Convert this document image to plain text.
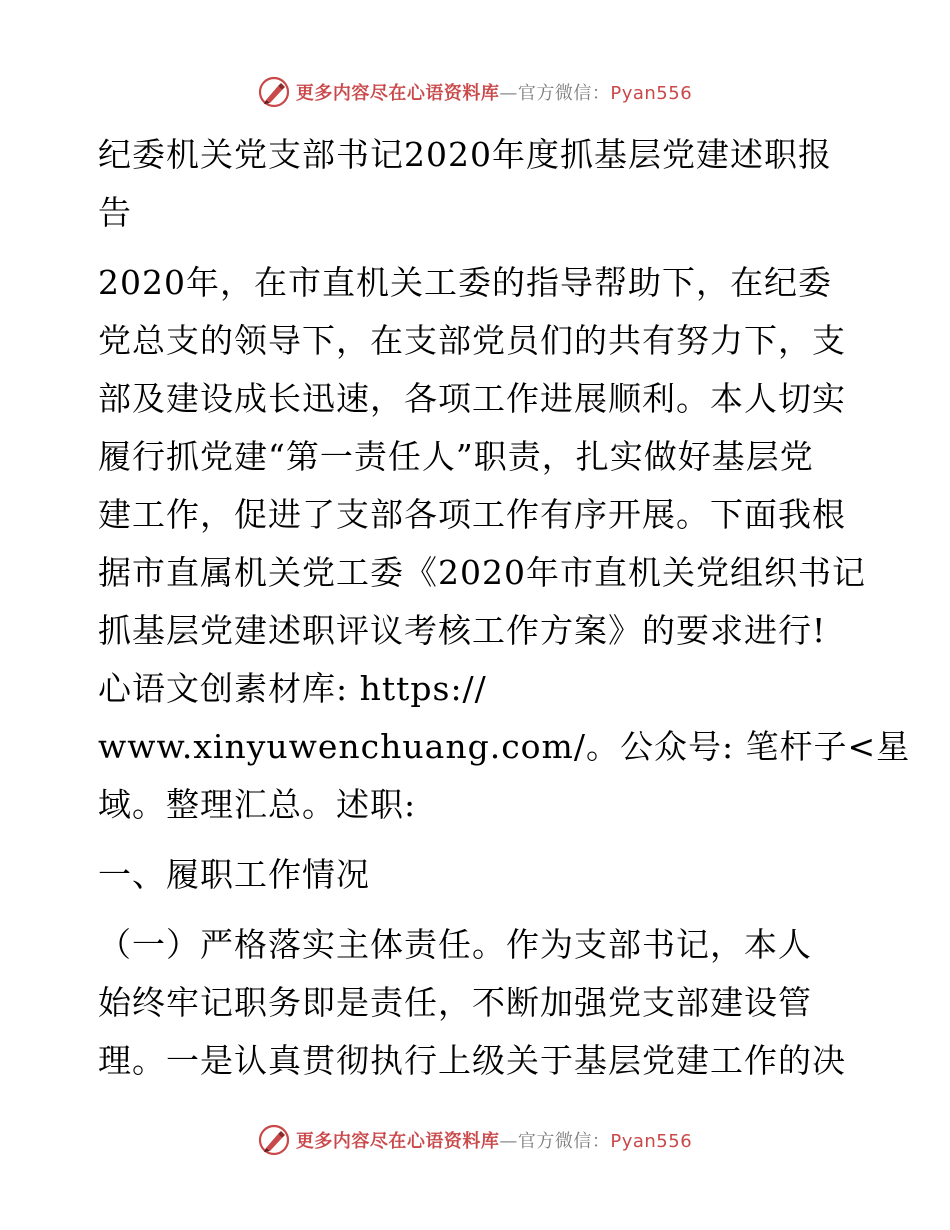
更多内容尽在心语资料库—官方微信：Pyan556
纪委机关党支部书记2020年度抓基层党建述职报
告
2020年，在市直机关工委的指导帮助下，在纪委
党总支的领导下，在支部党员们的共有努力下，支
部及建设成长迅速，各项工作进展顺利。本人切实
履行抓党建“第一责任人”职责，扎实做好基层党
建工作，促进了支部各项工作有序开展。下面我根
据市直属机关党工委《2020年市直机关党组织书记
抓基层党建述职评议考核工作方案》的要求进行!
心语文创素材库: https://
www.xinyuwenchuang.com/。公众号: 笔杆子<星
域。整理汇总。述职:
一、履职工作情况
（一）严格落实主体责任。作为支部书记，本人
始终牢记职务即是责任，不断加强党支部建设管
理。一是认真贯彻执行上级关于基层党建工作的决
更多内容尽在心语资料库—官方微信：Pyan556
